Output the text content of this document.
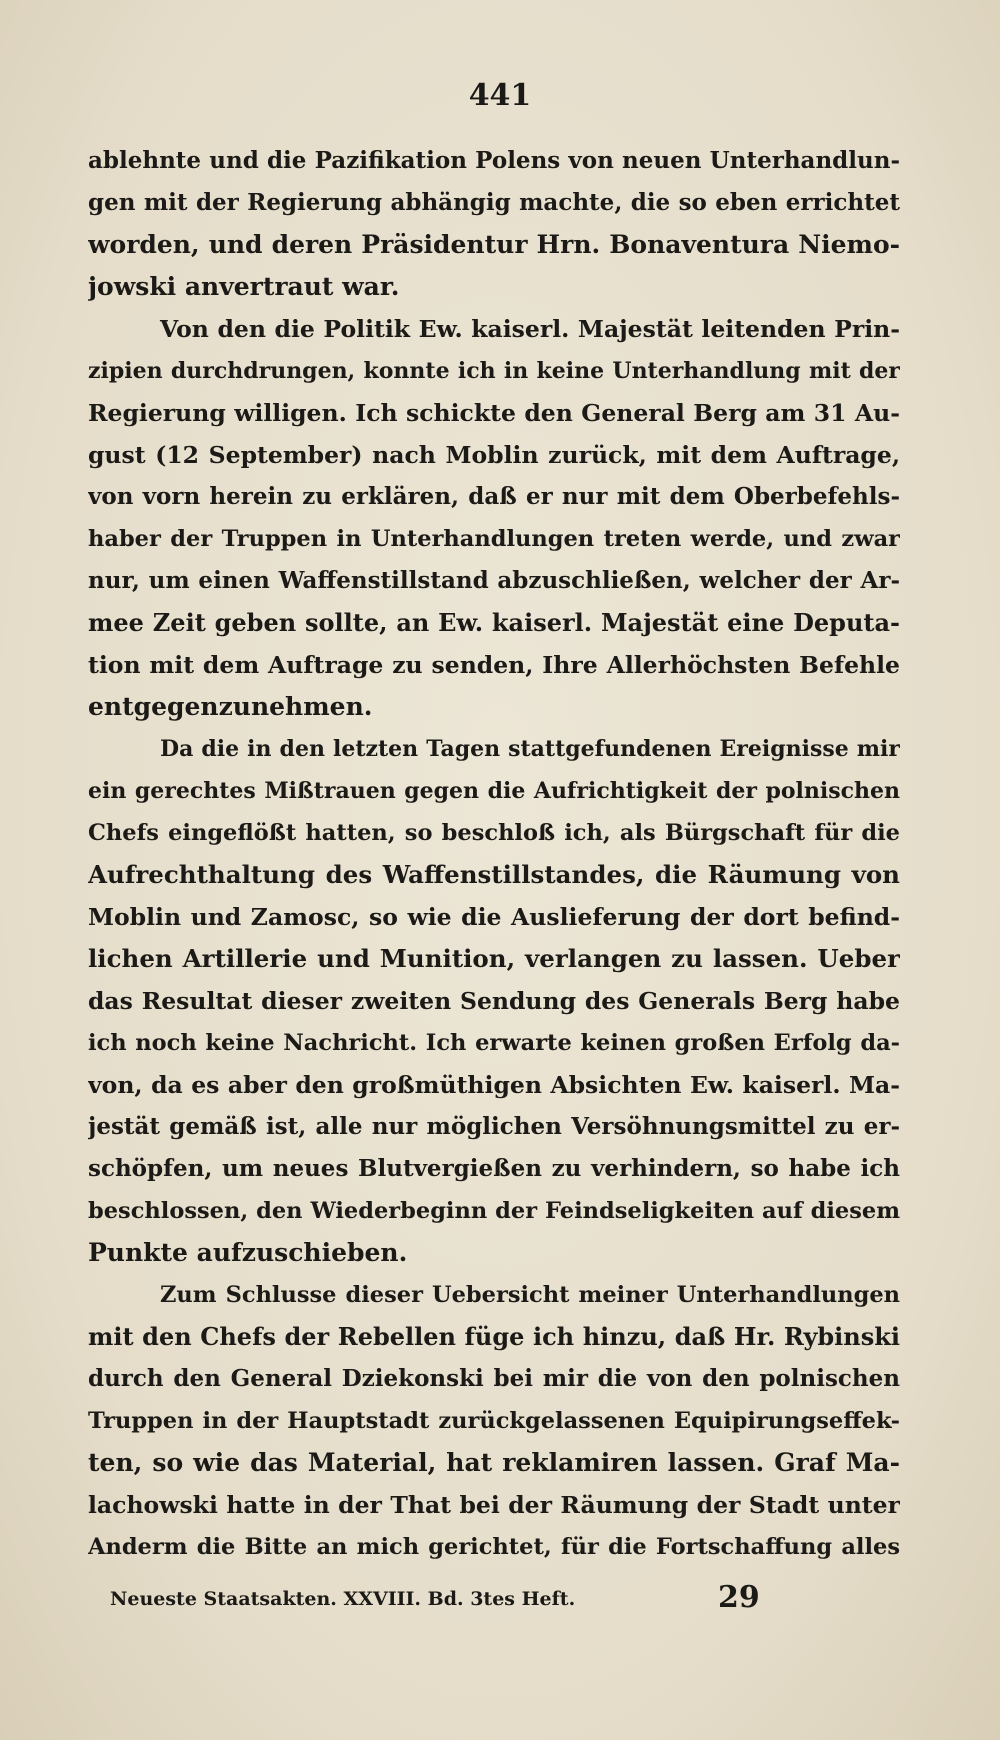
441
ablehnte und die Pazifikation Polens von neuen Unterhandlun-
gen mit der Regierung abhängig machte, die so eben errichtet
worden, und deren Präsidentur Hrn. Bonaventura Niemo-
jowski anvertraut war.
Von den die Politik Ew. kaiserl. Majestät leitenden Prin-
zipien durchdrungen, konnte ich in keine Unterhandlung mit der
Regierung willigen. Ich schickte den General Berg am 31 Au-
gust (12 September) nach Moblin zurück, mit dem Auftrage,
von vorn herein zu erklären, daß er nur mit dem Oberbefehls-
haber der Truppen in Unterhandlungen treten werde, und zwar
nur, um einen Waffenstillstand abzuschließen, welcher der Ar-
mee Zeit geben sollte, an Ew. kaiserl. Majestät eine Deputa-
tion mit dem Auftrage zu senden, Ihre Allerhöchsten Befehle
entgegenzunehmen.
Da die in den letzten Tagen stattgefundenen Ereignisse mir
ein gerechtes Mißtrauen gegen die Aufrichtigkeit der polnischen
Chefs eingeflößt hatten, so beschloß ich, als Bürgschaft für die
Aufrechthaltung des Waffenstillstandes, die Räumung von
Moblin und Zamosc, so wie die Auslieferung der dort befind-
lichen Artillerie und Munition, verlangen zu lassen. Ueber
das Resultat dieser zweiten Sendung des Generals Berg habe
ich noch keine Nachricht. Ich erwarte keinen großen Erfolg da-
von, da es aber den großmüthigen Absichten Ew. kaiserl. Ma-
jestät gemäß ist, alle nur möglichen Versöhnungsmittel zu er-
schöpfen, um neues Blutvergießen zu verhindern, so habe ich
beschlossen, den Wiederbeginn der Feindseligkeiten auf diesem
Punkte aufzuschieben.
Zum Schlusse dieser Uebersicht meiner Unterhandlungen
mit den Chefs der Rebellen füge ich hinzu, daß Hr. Rybinski
durch den General Dziekonski bei mir die von den polnischen
Truppen in der Hauptstadt zurückgelassenen Equipirungseffek-
ten, so wie das Material, hat reklamiren lassen. Graf Ma-
lachowski hatte in der That bei der Räumung der Stadt unter
Anderm die Bitte an mich gerichtet, für die Fortschaffung alles
Neueste Staatsakten. XXVIII. Bd. 3tes Heft.	29
